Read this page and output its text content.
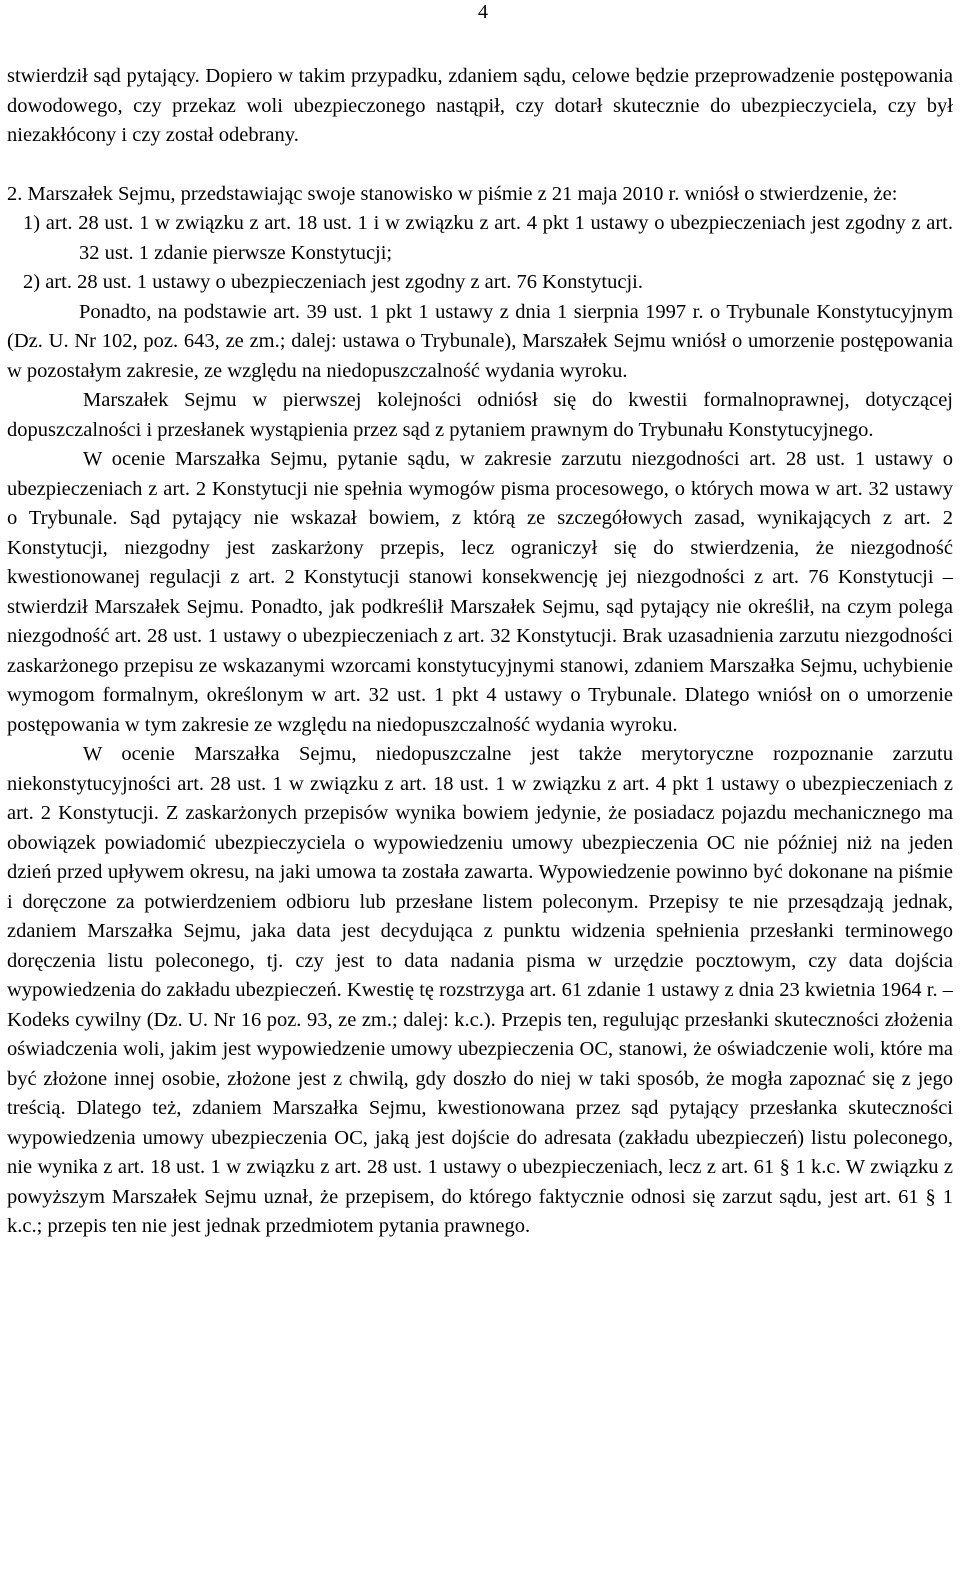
4

stwierdził sąd pytający. Dopiero w takim przypadku, zdaniem sądu, celowe będzie przeprowadzenie postępowania dowodowego, czy przekaz woli ubezpieczonego nastąpił, czy dotarł skutecznie do ubezpieczyciela, czy był niezakłócony i czy został odebrany.

2. Marszałek Sejmu, przedstawiając swoje stanowisko w piśmie z 21 maja 2010 r. wniósł o stwierdzenie, że:

1) art. 28 ust. 1 w związku z art. 18 ust. 1 i w związku z art. 4 pkt 1 ustawy o ubezpieczeniach jest zgodny z art. 32 ust. 1 zdanie pierwsze Konstytucji;

2) art. 28 ust. 1 ustawy o ubezpieczeniach jest zgodny z art. 76 Konstytucji.

Ponadto, na podstawie art. 39 ust. 1 pkt 1 ustawy z dnia 1 sierpnia 1997 r. o Trybunale Konstytucyjnym (Dz. U. Nr 102, poz. 643, ze zm.; dalej: ustawa o Trybunale), Marszałek Sejmu wniósł o umorzenie postępowania w pozostałym zakresie, ze względu na niedopuszczalność wydania wyroku.

Marszałek Sejmu w pierwszej kolejności odniósł się do kwestii formalnoprawnej, dotyczącej dopuszczalności i przesłanek wystąpienia przez sąd z pytaniem prawnym do Trybunału Konstytucyjnego.

W ocenie Marszałka Sejmu, pytanie sądu, w zakresie zarzutu niezgodności art. 28 ust. 1 ustawy o ubezpieczeniach z art. 2 Konstytucji nie spełnia wymogów pisma procesowego, o których mowa w art. 32 ustawy o Trybunale. Sąd pytający nie wskazał bowiem, z którą ze szczegółowych zasad, wynikających z art. 2 Konstytucji, niezgodny jest zaskarżony przepis, lecz ograniczył się do stwierdzenia, że niezgodność kwestionowanej regulacji z art. 2 Konstytucji stanowi konsekwencję jej niezgodności z art. 76 Konstytucji – stwierdził Marszałek Sejmu. Ponadto, jak podkreślił Marszałek Sejmu, sąd pytający nie określił, na czym polega niezgodność art. 28 ust. 1 ustawy o ubezpieczeniach z art. 32 Konstytucji. Brak uzasadnienia zarzutu niezgodności zaskarżonego przepisu ze wskazanymi wzorcami konstytucyjnymi stanowi, zdaniem Marszałka Sejmu, uchybienie wymogom formalnym, określonym w art. 32 ust. 1 pkt 4 ustawy o Trybunale. Dlatego wniósł on o umorzenie postępowania w tym zakresie ze względu na niedopuszczalność wydania wyroku.

W ocenie Marszałka Sejmu, niedopuszczalne jest także merytoryczne rozpoznanie zarzutu niekonstytucyjności art. 28 ust. 1 w związku z art. 18 ust. 1 w związku z art. 4 pkt 1 ustawy o ubezpieczeniach z art. 2 Konstytucji. Z zaskarżonych przepisów wynika bowiem jedynie, że posiadacz pojazdu mechanicznego ma obowiązek powiadomić ubezpieczyciela o wypowiedzeniu umowy ubezpieczenia OC nie później niż na jeden dzień przed upływem okresu, na jaki umowa ta została zawarta. Wypowiedzenie powinno być dokonane na piśmie i doręczone za potwierdzeniem odbioru lub przesłane listem poleconym. Przepisy te nie przesądzają jednak, zdaniem Marszałka Sejmu, jaka data jest decydująca z punktu widzenia spełnienia przesłanki terminowego doręczenia listu poleconego, tj. czy jest to data nadania pisma w urzędzie pocztowym, czy data dojścia wypowiedzenia do zakładu ubezpieczeń. Kwestię tę rozstrzyga art. 61 zdanie 1 ustawy z dnia 23 kwietnia 1964 r. – Kodeks cywilny (Dz. U. Nr 16 poz. 93, ze zm.; dalej: k.c.). Przepis ten, regulując przesłanki skuteczności złożenia oświadczenia woli, jakim jest wypowiedzenie umowy ubezpieczenia OC, stanowi, że oświadczenie woli, które ma być złożone innej osobie, złożone jest z chwilą, gdy doszło do niej w taki sposób, że mogła zapoznać się z jego treścią. Dlatego też, zdaniem Marszałka Sejmu, kwestionowana przez sąd pytający przesłanka skuteczności wypowiedzenia umowy ubezpieczenia OC, jaką jest dojście do adresata (zakładu ubezpieczeń) listu poleconego, nie wynika z art. 18 ust. 1 w związku z art. 28 ust. 1 ustawy o ubezpieczeniach, lecz z art. 61 § 1 k.c. W związku z powyższym Marszałek Sejmu uznał, że przepisem, do którego faktycznie odnosi się zarzut sądu, jest art. 61 § 1 k.c.; przepis ten nie jest jednak przedmiotem pytania prawnego.
